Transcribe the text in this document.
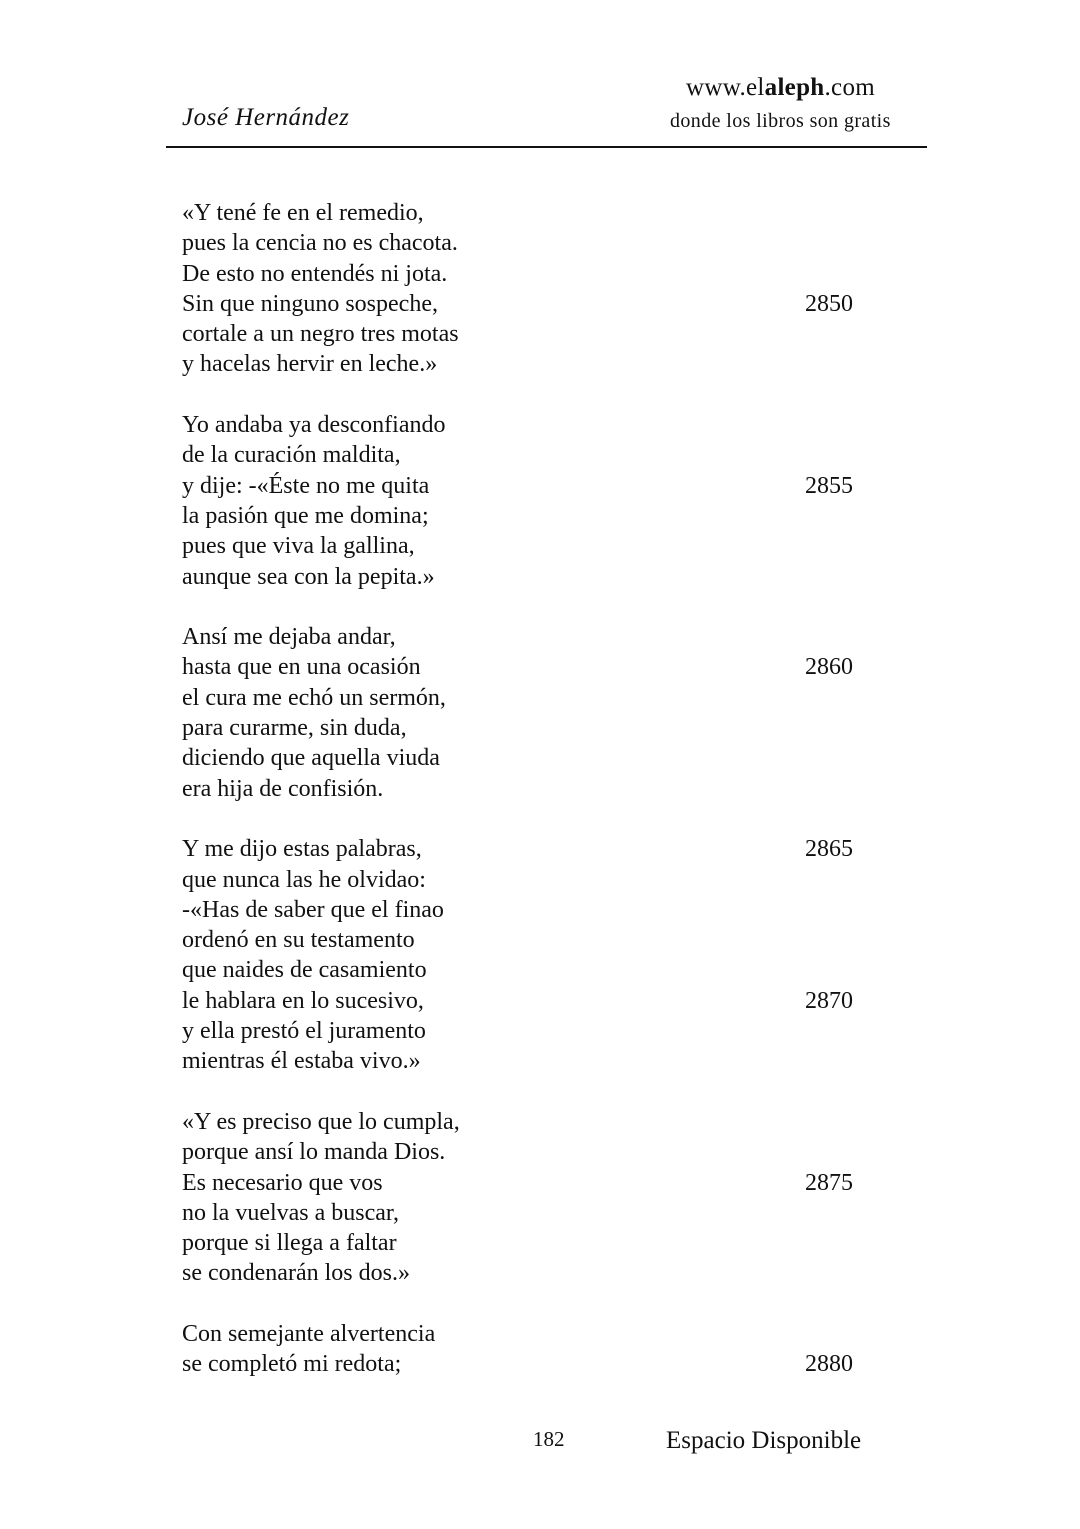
José Hernández
www.elaleph.com
donde los libros son gratis
«Y tené fe en el remedio,
pues la cencia no es chacota.
De esto no entendés ni jota.
Sin que ninguno sospeche,	2850
cortale a un negro tres motas
y hacelas hervir en leche.»
Yo andaba ya desconfiando
de la curación maldita,
y dije: -«Éste no me quita	2855
la pasión que me domina;
pues que viva la gallina,
aunque sea con la pepita.»
Ansí me dejaba andar,
hasta que en una ocasión	2860
el cura me echó un sermón,
para curarme, sin duda,
diciendo que aquella viuda
era hija de confisión.
Y me dijo estas palabras,	2865
que nunca las he olvidao:
-«Has de saber que el finao
ordenó en su testamento
que naides de casamiento
le hablara en lo sucesivo,	2870
y ella prestó el juramento
mientras él estaba vivo.»
«Y es preciso que lo cumpla,
porque ansí lo manda Dios.
Es necesario que vos	2875
no la vuelvas a buscar,
porque si llega a faltar
se condenarán los dos.»
Con semejante alvertencia
se completó mi redota;	2880
182	Espacio Disponible
